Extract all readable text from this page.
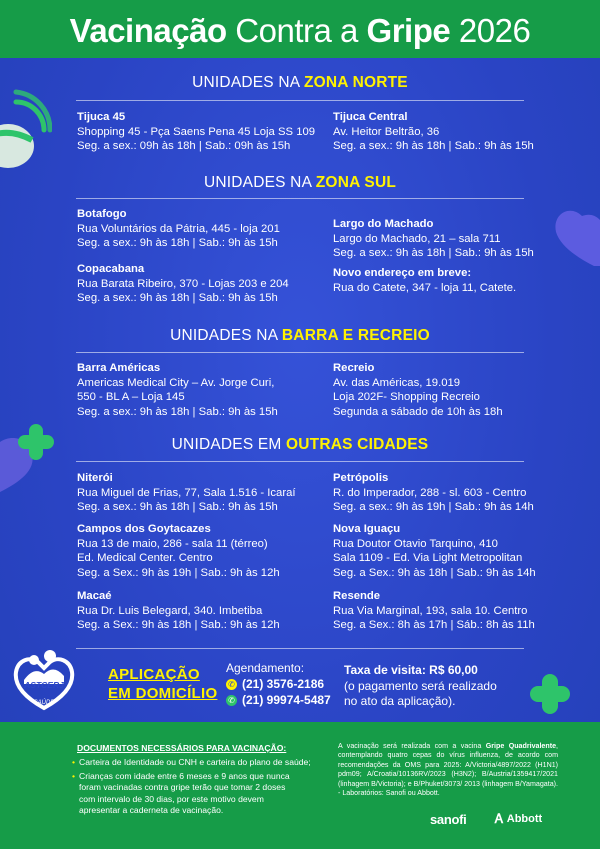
Vacinação Contra a Gripe 2026
UNIDADES NA ZONA NORTE
Tijuca 45
Shopping 45 - Pça Saens Pena 45 Loja SS 109
Seg. a sex.: 09h às 18h | Sab.: 09h às 15h
Tijuca Central
Av. Heitor Beltrão, 36
Seg. a sex.: 9h às 18h | Sab.: 9h às 15h
UNIDADES NA ZONA SUL
Botafogo
Rua Voluntários da Pátria, 445 - loja 201
Seg. a sex.: 9h às 18h | Sab.: 9h às 15h
Copacabana
Rua Barata Ribeiro, 370 - Lojas 203 e 204
Seg. a sex.: 9h às 18h | Sab.: 9h às 15h
Largo do Machado
Largo do Machado, 21 – sala 711
Seg. a sex.: 9h às 18h | Sab.: 9h às 15h
Novo endereço em breve:
Rua do Catete, 347 - loja 11, Catete.
UNIDADES NA BARRA E RECREIO
Barra Américas
Americas Medical City – Av. Jorge Curi,
550 - BL A – Loja 145
Seg. a sex.: 9h às 18h | Sab.: 9h às 15h
Recreio
Av. das Américas, 19.019
Loja 202F- Shopping Recreio
Segunda a sábado de 10h às 18h
UNIDADES EM OUTRAS CIDADES
Niterói
Rua Miguel de Frias, 77, Sala 1.516 - Icaraí
Seg. a sex.: 9h às 18h | Sab.: 9h às 15h
Campos dos Goytacazes
Rua 13 de maio, 286 - sala 11 (térreo)
Ed. Medical Center. Centro
Seg. a Sex.: 9h às 19h | Sab.: 9h às 12h
Macaé
Rua Dr. Luis Belegard, 340. Imbetiba
Seg. a Sex.: 9h às 18h | Sab.: 9h às 12h
Petrópolis
R. do Imperador, 288 - sl. 603 - Centro
Seg. a sex.: 9h às 19h | Sab.: 9h às 14h
Nova Iguaçu
Rua Doutor Otavio Tarquino, 410
Sala 1109 - Ed. Via Light Metropolitan
Seg. a Sex.: 9h às 18h | Sab.: 9h às 14h
Resende
Rua Via Marginal, 193, sala 10. Centro
Seg. a Sex.: 8h às 17h | Sáb.: 8h às 11h
ASTCERJ
SAÚDE
APLICAÇÃO
EM DOMICÍLIO
Agendamento:
✆ (21) 3576-2186
✆ (21) 99974-5487
Taxa de visita: R$ 60,00
(o pagamento será realizado
no ato da aplicação).
DOCUMENTOS NECESSÁRIOS PARA VACINAÇÃO:
• Carteira de Identidade ou CNH e carteira do plano de saúde;
• Crianças com idade entre 6 meses e 9 anos que nunca
foram vacinadas contra gripe terão que tomar 2 doses
com intervalo de 30 dias, por este motivo devem
apresentar a caderneta de vacinação.
A vacinação será realizada com a vacina Gripe Quadrivalente, contemplando quatro cepas do vírus influenza, de acordo com recomendações da OMS para 2025: A/Victoria/4897/2022 (H1N1) pdm09; A/Croatia/10136RV/2023 (H3N2); B/Austria/1359417/2021 (linhagem B/Victoria); e B/Phuket/3073/ 2013 (linhagem B/Yamagata). - Laboratórios: Sanofi ou Abbott.
sanofi Ꭺ Abbott
